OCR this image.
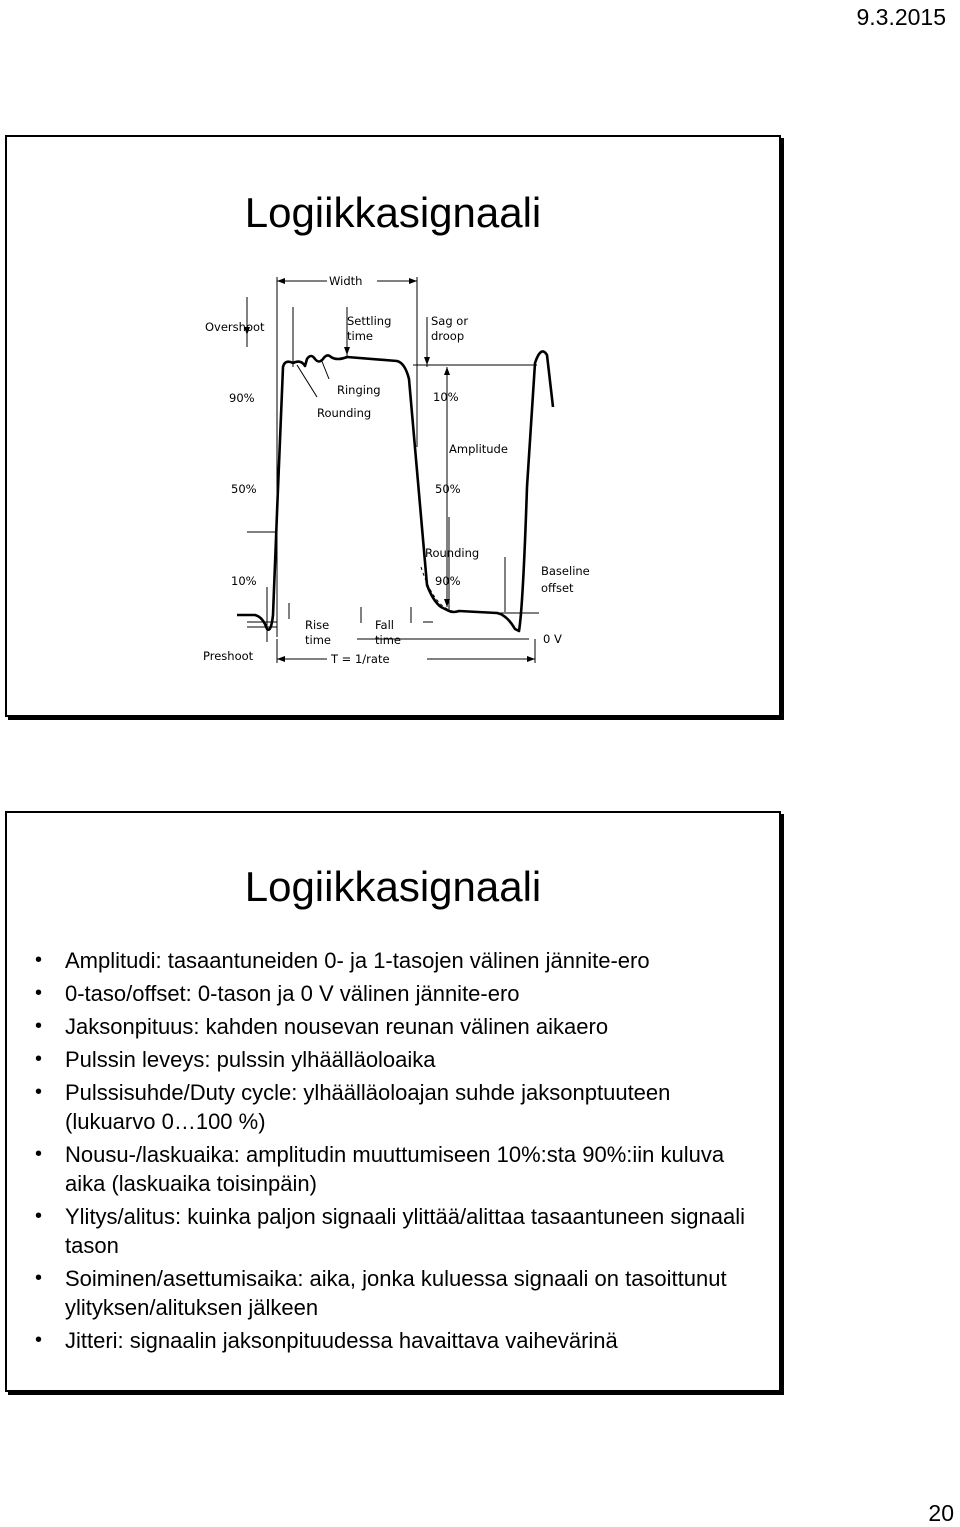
9.3.2015
Logiikkasignaali
Width
Overshoot	Settling
time
Sag or
droop
90%
Ringing
Rounding
10%
Amplitude
50%	50%
Rounding
90%
Baseline
offset
10%
Rise
time
Fall
time	0 V
Preshoot	T = 1/rate
Logiikkasignaali
• Amplitudi: tasaantuneiden 0- ja 1-tasojen välinen jännite-ero
• 0-taso/offset: 0-tason ja 0 V välinen jännite-ero
• Jaksonpituus: kahden nousevan reunan välinen aikaero
• Pulssin leveys: pulssin ylhäälläoloaika
• Pulssisuhde/Duty cycle: ylhäälläoloajan suhde jaksonptuuteen (lukuarvo 0…100 %)
• Nousu-/laskuaika: amplitudin muuttumiseen 10%:sta 90%:iin kuluva aika (laskuaika toisinpäin)
• Ylitys/alitus: kuinka paljon signaali ylittää/alittaa tasaantuneen signaali tason
• Soiminen/asettumisaika: aika, jonka kuluessa signaali on tasoittunut ylityksen/alituksen jälkeen
• Jitteri: signaalin jaksonpituudessa havaittava vaihevärinä
20
